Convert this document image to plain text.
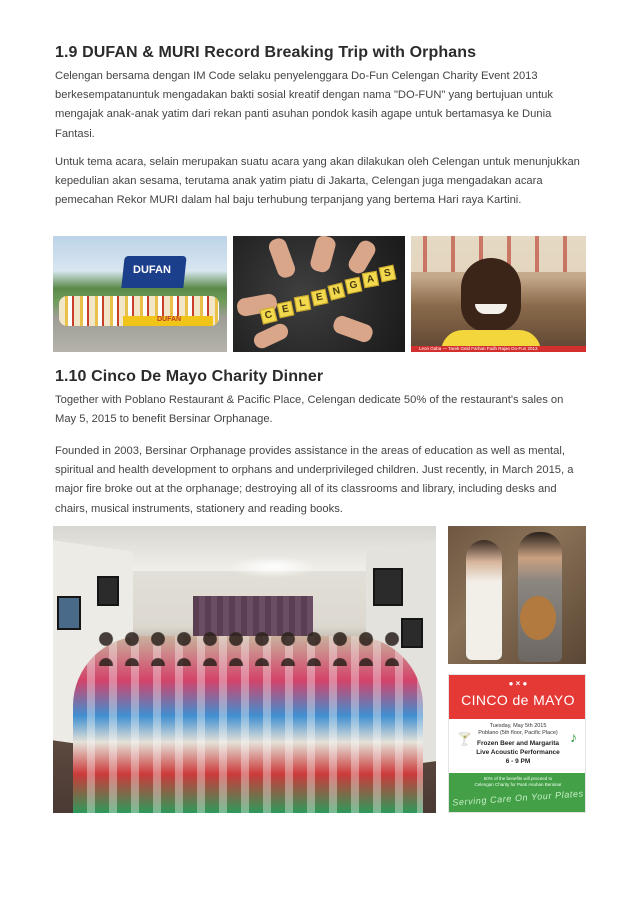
1.9 DUFAN & MURI Record Breaking Trip with Orphans
Celengan bersama dengan IM Code selaku penyelenggara Do-Fun Celengan Charity Event 2013 berkesempatanuntuk mengadakan bakti sosial kreatif dengan nama "DO-FUN" yang bertujuan untuk mengajak anak-anak yatim dari rekan panti asuhan pondok kasih agape untuk bertamasya ke Dunia Fantasi.
Untuk tema acara, selain merupakan suatu acara yang akan dilakukan oleh Celengan untuk menunjukkan kepedulian akan sesama, terutama anak yatim piatu di Jakarta, Celengan juga mengadakan acara pemecahan Rekor MURI dalam hal baju terhubung terpanjang yang bertema Hari raya Kartini.
DUFAN
DUFAN	C E L E N G A S
Leon Gaba — Tarek Geld Farhan Fadh Rajan Do-Fun 2013
1.10 Cinco De Mayo Charity Dinner
Together with Poblano Restaurant & Pacific Place, Celengan dedicate 50% of the restaurant's sales on May 5, 2015 to benefit Bersinar Orphanage.
Founded in 2003, Bersinar Orphanage provides assistance in the areas of education as well as mental, spiritual and health development to orphans and underprivileged children. Just recently, in March 2015, a major fire broke out at the orphanage; destroying all of its classrooms and library, including desks and chairs, musical instruments, stationery and reading books.
● × ●
CINCO de MAYO
🍸	♪
Tuesday, May 5th 2015
Poblano (5th floor, Pacific Place)
Frozen Beer and Margarita
Live Acoustic Performance
6 - 9 PM
50% of the benefits will proceed to
Celengan Charity for Panti Asuhan Bersinar
Serving Care On Your Plates
